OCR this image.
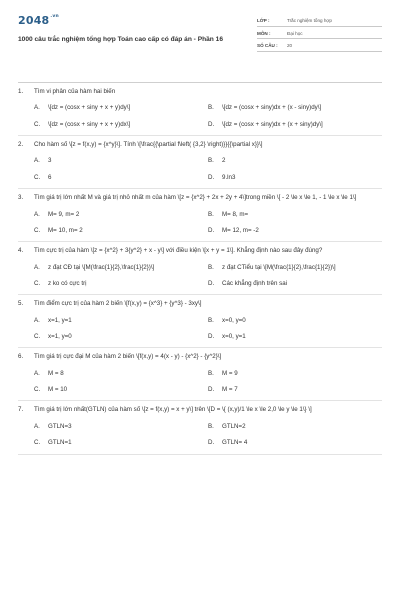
$2048^{.vn}$
1000 câu trắc nghiệm tổng hợp Toán cao cấp có đáp án - Phần 16
LỚP :	Trắc nghiệm tổng hợp
MÔN :	Đại học
SỐ CÂU :	20
1.	Tìm vi phân của hàm hai biến
A.	\[dz = (cosx + siny + x + y)dy\]	B.	\[dz = (cosx + siny)dx + (x - siny)dy\]
C.	\[dz = (cosx + siny + x + y)dx\]	D.	\[dz = (cosx + siny)dx + (x + siny)dy\]
2.	Cho hàm số \[z = f(x,y) = {x^y}\]. Tính \[\frac{{\partial f\left( {3,2} \right)}}{{\partial x}}\]
A.	3	B.	2
C.	6	D.	9.ln3
3.	Tìm giá trị lớn nhất M và giá trị nhỏ nhất m của hàm \[z = {x^2} + 2x + 2y + 4\]trong miền \[ - 2 \le x \le 1, - 1 \le x \le 1\]
A.	M= 9, m= 2	B.	M= 8, m=
C.	M= 10, m= 2	D.	M= 12, m= -2
4.	Tìm cực trị của hàm \[z = {x^2} + 3{y^2} + x - y\] với điều kiện \[x + y = 1\]. Khẳng định nào sau đây đúng?
A.	z đạt CĐ tại \[M(\frac{1}{2},\frac{1}{2})\]	B.	z đạt CTiểu tại \[M(\frac{1}{2},\frac{1}{2})\]
C.	z ko có cực trị	D.	Các khẳng định trên sai
5.	Tìm điểm cực trị của hàm 2 biến \[f(x,y) = {x^3} + {y^3} - 3xy\]
A.	x=1, y=1	B.	x=0, y=0
C.	x=1, y=0	D.	x=0, y=1
6.	Tìm giá trị cực đại M của hàm 2 biến \[f(x,y) = 4(x - y) - {x^2} - {y^2}\]
A.	M = 8	B.	M = 9
C.	M = 10	D.	M = 7
7.	Tìm giá trị lớn nhất(GTLN) của hàm số \[z = f(x,y) = x + y\] trên \[D = \{ (x,y)/1 \le x \le 2,0 \le y \le 1\} \]
A.	GTLN=3	B.	GTLN=2
C.	GTLN=1	D.	GTLN= 4
